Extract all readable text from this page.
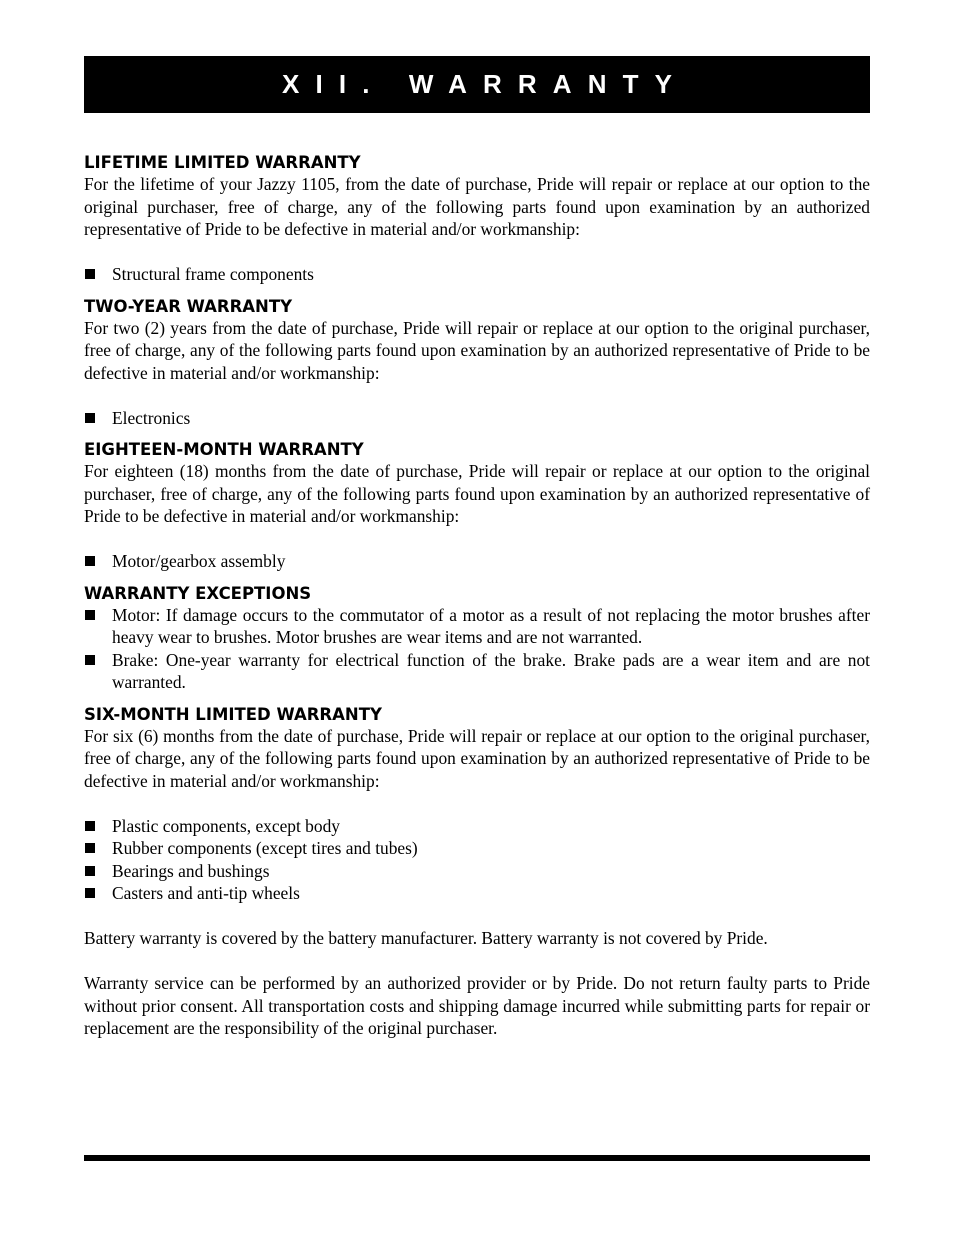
XII. WARRANTY
LIFETIME LIMITED WARRANTY

For the lifetime of your Jazzy 1105, from the date of purchase, Pride will repair or replace at our option to the original purchaser, free of charge, any of the following parts found upon examination by an authorized representative of Pride to be defective in material and/or workmanship:

Structural frame components
TWO-YEAR WARRANTY

For two (2) years from the date of purchase, Pride will repair or replace at our option to the original purchaser, free of charge, any of the following parts found upon examination by an authorized representative of Pride to be defective in material and/or workmanship:

Electronics
EIGHTEEN-MONTH WARRANTY

For eighteen (18) months from the date of purchase, Pride will repair or replace at our option to the original purchaser, free of charge, any of the following parts found upon examination by an authorized representative of Pride to be defective in material and/or workmanship:

Motor/gearbox assembly
WARRANTY EXCEPTIONS
Motor: If damage occurs to the commutator of a motor as a result of not replacing the motor brushes after heavy wear to brushes. Motor brushes are wear items and are not warranted.
Brake: One-year warranty for electrical function of the brake. Brake pads are a wear item and are not warranted.
SIX-MONTH LIMITED WARRANTY

For six (6) months from the date of purchase, Pride will repair or replace at our option to the original purchaser, free of charge, any of the following parts found upon examination by an authorized representative of Pride to be defective in material and/or workmanship:

Plastic components, except body
Rubber components (except tires and tubes)
Bearings and bushings
Casters and anti-tip wheels

Battery warranty is covered by the battery manufacturer. Battery warranty is not covered by Pride.

Warranty service can be performed by an authorized provider or by Pride. Do not return faulty parts to Pride without prior consent. All transportation costs and shipping damage incurred while submitting parts for repair or replacement are the responsibility of the original purchaser.
